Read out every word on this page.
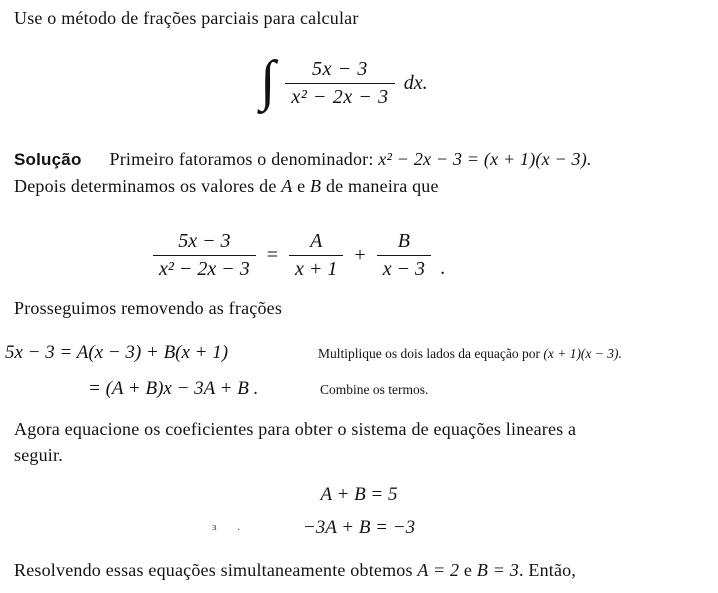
Use o método de frações parciais para calcular
∫ $\frac{5x - 3}{\text{x² − 2x − 3}}$ dx.
Solução Primeiro fatoramos o denominador: x² − 2x − 3 = (x + 1)(x − 3).
Depois determinamos os valores de A e B de maneira que
$\frac{5x - 3}{\text{x² − 2x − 3}} = \frac{A}{x + 1} + \frac{B}{x - 3}$ .
Prosseguimos removendo as frações
5x − 3 = A(x − 3) + B(x + 1)	Multiplique os dois lados da equação por (x + 1)(x − 3).
= (A + B)x − 3A + B .	Combine os termos.
Agora equacione os coeficientes para obter o sistema de equações lineares a
seguir.
A + B = 5
−3A + B = −3
ɜ .
Resolvendo essas equações simultaneamente obtemos A = 2 e B = 3. Então,
